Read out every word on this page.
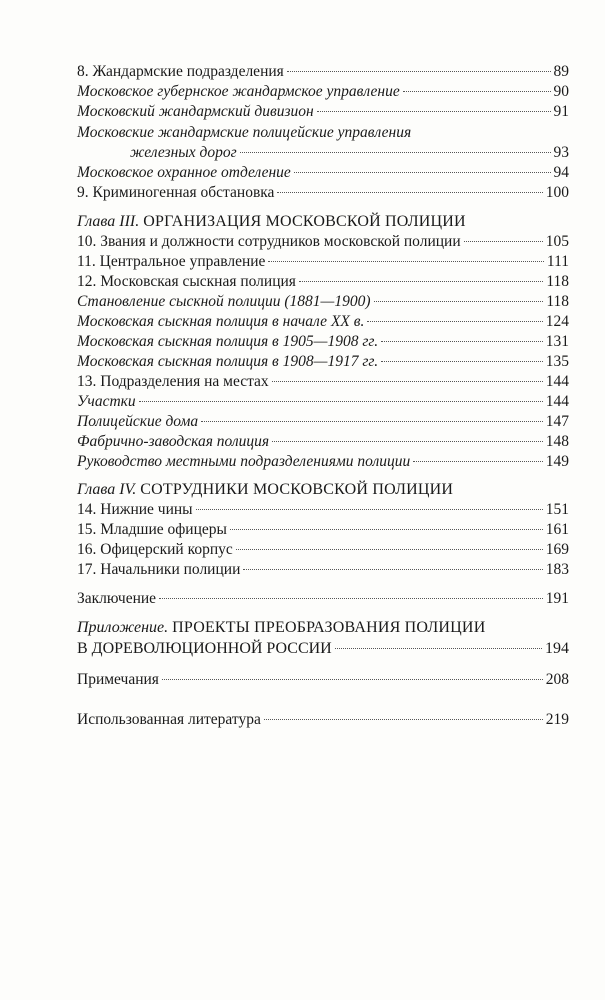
8. Жандармские подразделения	89
Московское губернское жандармское управление	90
Московский жандармский дивизион	91
Московские жандармские полицейские управления
железных дорог	93
Московское охранное отделение	94
9. Криминогенная обстановка	100
Глава III. ОРГАНИЗАЦИЯ МОСКОВСКОЙ ПОЛИЦИИ
10. Звания и должности сотрудников московской полиции	105
11. Центральное управление	111
12. Московская сыскная полиция	118
Становление сыскной полиции (1881—1900)	118
Московская сыскная полиция в начале XX в.	124
Московская сыскная полиция в 1905—1908 гг.	131
Московская сыскная полиция в 1908—1917 гг.	135
13. Подразделения на местах	144
Участки	144
Полицейские дома	147
Фабрично-заводская полиция	148
Руководство местными подразделениями полиции	149
Глава IV. СОТРУДНИКИ МОСКОВСКОЙ ПОЛИЦИИ
14. Нижние чины	151
15. Младшие офицеры	161
16. Офицерский корпус	169
17. Начальники полиции	183
Заключение	191
Приложение. ПРОЕКТЫ ПРЕОБРАЗОВАНИЯ ПОЛИЦИИ
В ДОРЕВОЛЮЦИОННОЙ РОССИИ	194
Примечания	208
Использованная литература	219
